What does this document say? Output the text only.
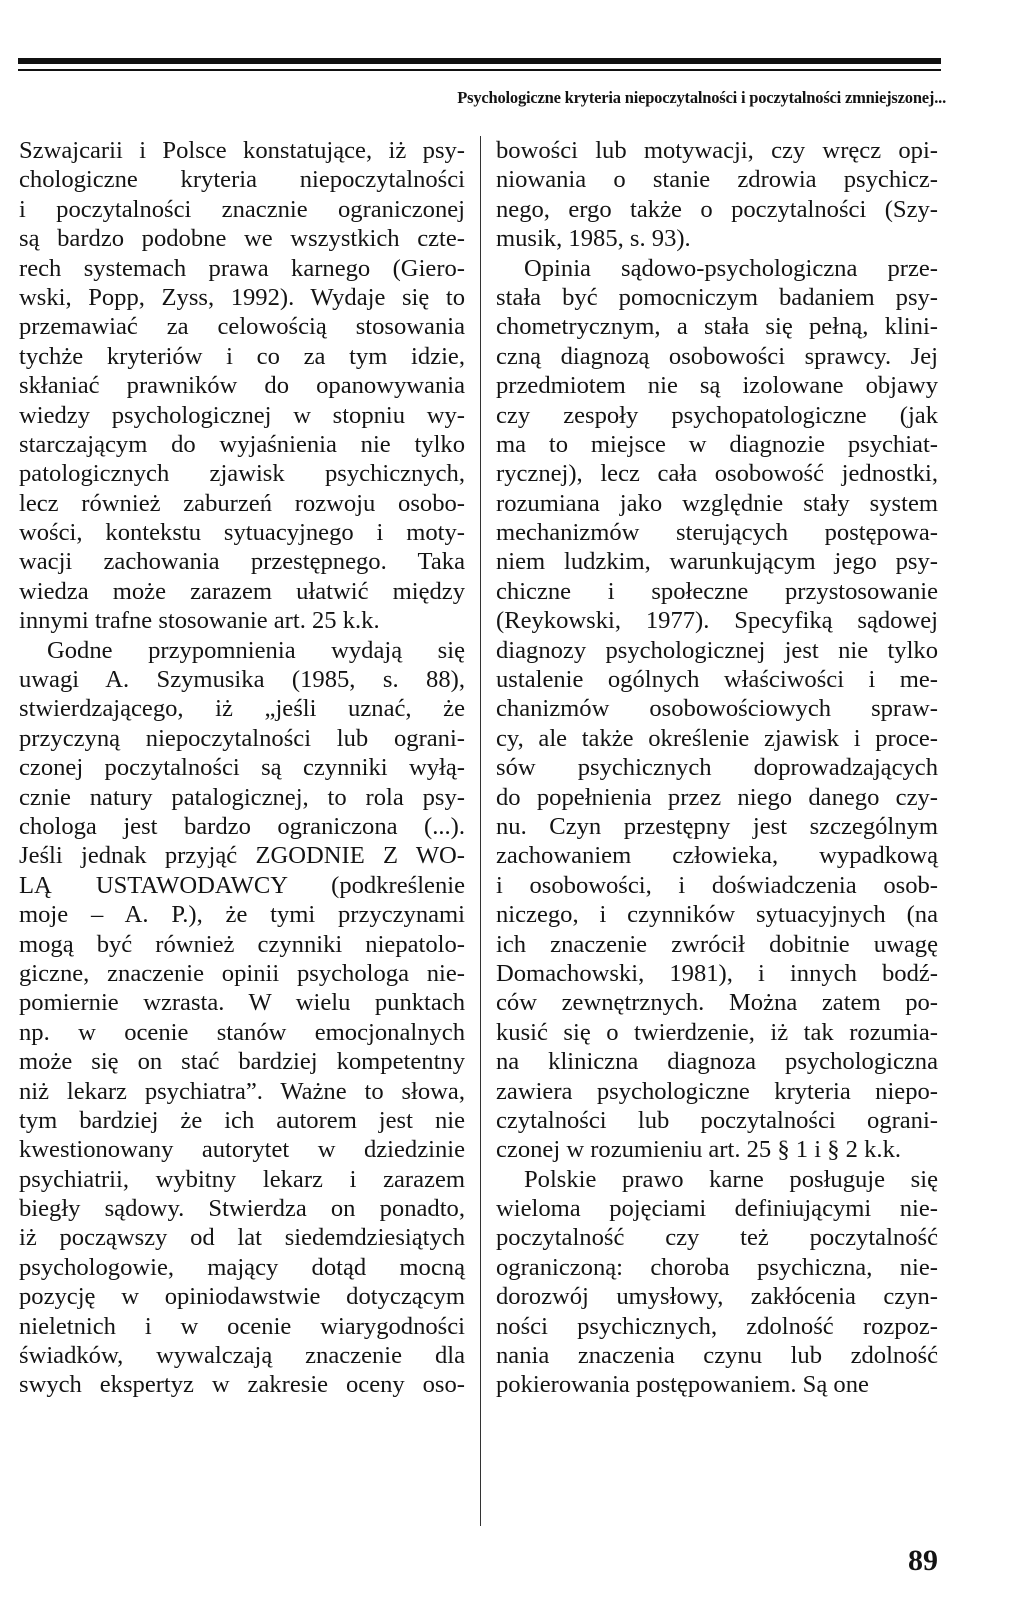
Psychologiczne kryteria niepoczytalności i poczytalności zmniejszonej...
Szwajcarii i Polsce konstatujące, iż psy-
chologiczne kryteria niepoczytalności
i poczytalności znacznie ograniczonej
są bardzo podobne we wszystkich czte-
rech systemach prawa karnego (Giero-
wski, Popp, Zyss, 1992). Wydaje się to
przemawiać za celowością stosowania
tychże kryteriów i co za tym idzie,
skłaniać prawników do opanowywania
wiedzy psychologicznej w stopniu wy-
starczającym do wyjaśnienia nie tylko
patologicznych zjawisk psychicznych,
lecz również zaburzeń rozwoju osobo-
wości, kontekstu sytuacyjnego i moty-
wacji zachowania przestępnego. Taka
wiedza może zarazem ułatwić między
innymi trafne stosowanie art. 25 k.k.
Godne przypomnienia wydają się
uwagi A. Szymusika (1985, s. 88),
stwierdzającego, iż „jeśli uznać, że
przyczyną niepoczytalności lub ograni-
czonej poczytalności są czynniki wyłą-
cznie natury patalogicznej, to rola psy-
chologa jest bardzo ograniczona (...).
Jeśli jednak przyjąć ZGODNIE Z WO-
LĄ USTAWODAWCY (podkreślenie
moje – A. P.), że tymi przyczynami
mogą być również czynniki niepatolo-
giczne, znaczenie opinii psychologa nie-
pomiernie wzrasta. W wielu punktach
np. w ocenie stanów emocjonalnych
może się on stać bardziej kompetentny
niż lekarz psychiatra”. Ważne to słowa,
tym bardziej że ich autorem jest nie
kwestionowany autorytet w dziedzinie
psychiatrii, wybitny lekarz i zarazem
biegły sądowy. Stwierdza on ponadto,
iż począwszy od lat siedemdziesiątych
psychologowie, mający dotąd mocną
pozycję w opiniodawstwie dotyczącym
nieletnich i w ocenie wiarygodności
świadków, wywalczają znaczenie dla
swych ekspertyz w zakresie oceny oso-
bowości lub motywacji, czy wręcz opi-
niowania o stanie zdrowia psychicz-
nego, ergo także o poczytalności (Szy-
musik, 1985, s. 93).
Opinia sądowo-psychologiczna prze-
stała być pomocniczym badaniem psy-
chometrycznym, a stała się pełną, klini-
czną diagnozą osobowości sprawcy. Jej
przedmiotem nie są izolowane objawy
czy zespoły psychopatologiczne (jak
ma to miejsce w diagnozie psychiat-
rycznej), lecz cała osobowość jednostki,
rozumiana jako względnie stały system
mechanizmów sterujących postępowa-
niem ludzkim, warunkującym jego psy-
chiczne i społeczne przystosowanie
(Reykowski, 1977). Specyfiką sądowej
diagnozy psychologicznej jest nie tylko
ustalenie ogólnych właściwości i me-
chanizmów osobowościowych spraw-
cy, ale także określenie zjawisk i proce-
sów psychicznych doprowadzających
do popełnienia przez niego danego czy-
nu. Czyn przestępny jest szczególnym
zachowaniem człowieka, wypadkową
i osobowości, i doświadczenia osob-
niczego, i czynników sytuacyjnych (na
ich znaczenie zwrócił dobitnie uwagę
Domachowski, 1981), i innych bodź-
ców zewnętrznych. Można zatem po-
kusić się o twierdzenie, iż tak rozumia-
na kliniczna diagnoza psychologiczna
zawiera psychologiczne kryteria niepo-
czytalności lub poczytalności ograni-
czonej w rozumieniu art. 25 § 1 i § 2 k.k.
Polskie prawo karne posługuje się
wieloma pojęciami definiującymi nie-
poczytalność czy też poczytalność
ograniczoną: choroba psychiczna, nie-
dorozwój umysłowy, zakłócenia czyn-
ności psychicznych, zdolność rozpoz-
nania znaczenia czynu lub zdolność
pokierowania postępowaniem. Są one
89
